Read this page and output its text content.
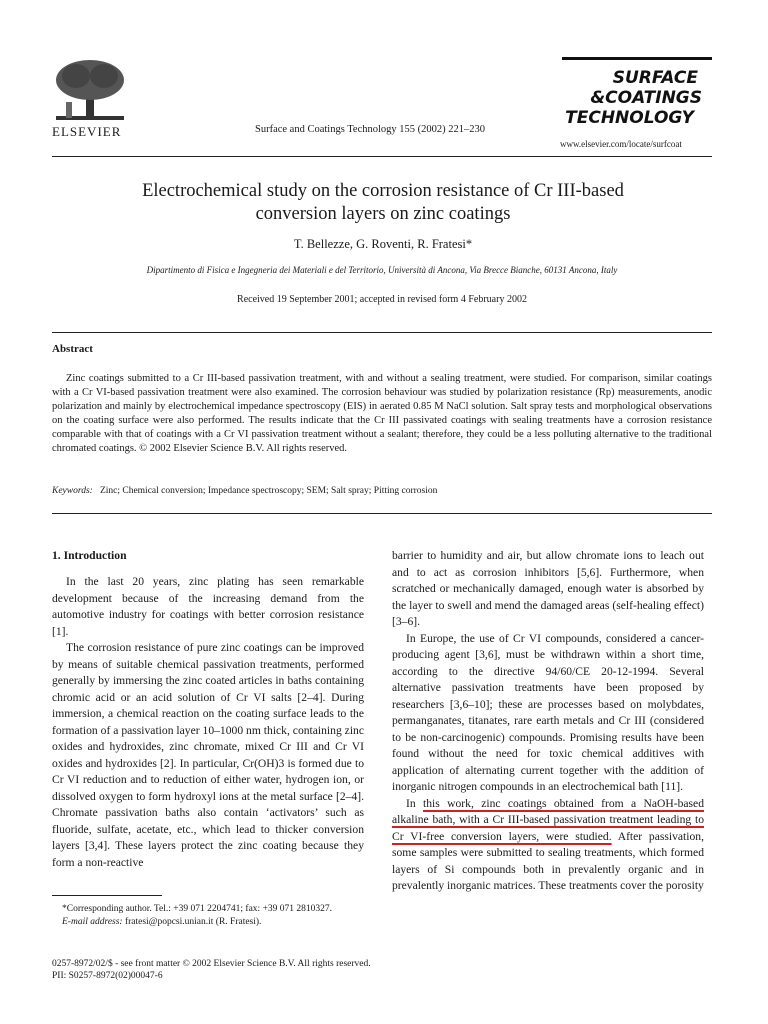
ELSEVIER	Surface and Coatings Technology 155 (2002) 221–230
SURFACE
&COATINGS
TECHNOLOGY
www.elsevier.com/locate/surfcoat
Electrochemical study on the corrosion resistance of Cr III-based
conversion layers on zinc coatings
T. Bellezze, G. Roventi, R. Fratesi*
Dipartimento di Fisica e Ingegneria dei Materiali e del Territorio, Università di Ancona, Via Brecce Bianche, 60131 Ancona, Italy
Received 19 September 2001; accepted in revised form 4 February 2002
Abstract

Zinc coatings submitted to a Cr III-based passivation treatment, with and without a sealing treatment, were studied. For comparison, similar coatings with a Cr VI-based passivation treatment were also examined. The corrosion behaviour was studied by polarization resistance (Rp) measurements, anodic polarization and mainly by electrochemical impedance spectroscopy (EIS) in aerated 0.85 M NaCl solution. Salt spray tests and morphological observations on the coating surface were also performed. The results indicate that the Cr III passivated coatings with sealing treatments have a corrosion resistance comparable with that of coatings with a Cr VI passivation treatment without a sealant; therefore, they could be a less polluting alternative to the traditional chromated coatings. © 2002 Elsevier Science B.V. All rights reserved.

Keywords: Zinc; Chemical conversion; Impedance spectroscopy; SEM; Salt spray; Pitting corrosion
1. Introduction

In the last 20 years, zinc plating has seen remarkable development because of the increasing demand from the automotive industry for coatings with better corrosion resistance [1].

The corrosion resistance of pure zinc coatings can be improved by means of suitable chemical passivation treatments, performed generally by immersing the zinc coated articles in baths containing chromic acid or an acid solution of Cr VI salts [2–4]. During immersion, a chemical reaction on the coating surface leads to the formation of a passivation layer 10–1000 nm thick, containing zinc oxides and hydroxides, zinc chromate, mixed Cr III and Cr VI oxides and hydroxides [2]. In particular, Cr(OH)3 is formed due to Cr VI reduction and to reduction of either water, hydrogen ion, or dissolved oxygen to form hydroxyl ions at the metal surface [2–4]. Chromate passivation baths also contain ‘activators’ such as fluoride, sulfate, acetate, etc., which lead to thicker conversion layers [3,4]. These layers protect the zinc coating because they form a non-reactive

barrier to humidity and air, but allow chromate ions to leach out and to act as corrosion inhibitors [5,6]. Furthermore, when scratched or mechanically damaged, enough water is absorbed by the layer to swell and mend the damaged areas (self-healing effect) [3–6].

In Europe, the use of Cr VI compounds, considered a cancer-producing agent [3,6], must be withdrawn within a short time, according to the directive 94/60/CE 20-12-1994. Several alternative passivation treatments have been proposed by researchers [3,6–10]; these are processes based on molybdates, permanganates, titanates, rare earth metals and Cr III (considered to be non-carcinogenic) compounds. Promising results have been found without the need for toxic chemical additives with application of alternating current together with the addition of inorganic nitrogen compounds in an electrochemical bath [11].

In this work, zinc coatings obtained from a NaOH-based alkaline bath, with a Cr III-based passivation treatment leading to Cr VI-free conversion layers, were studied. After passivation, some samples were submitted to sealing treatments, which formed layers of Si compounds both in prevalently organic and in prevalently inorganic matrices. These treatments cover the porosity

*Corresponding author. Tel.: +39 071 2204741; fax: +39 071 2810327.

E-mail address: fratesi@popcsi.unian.it (R. Fratesi).

0257-8972/02/$ - see front matter © 2002 Elsevier Science B.V. All rights reserved.
PII: S0257-8972(02)00047-6
